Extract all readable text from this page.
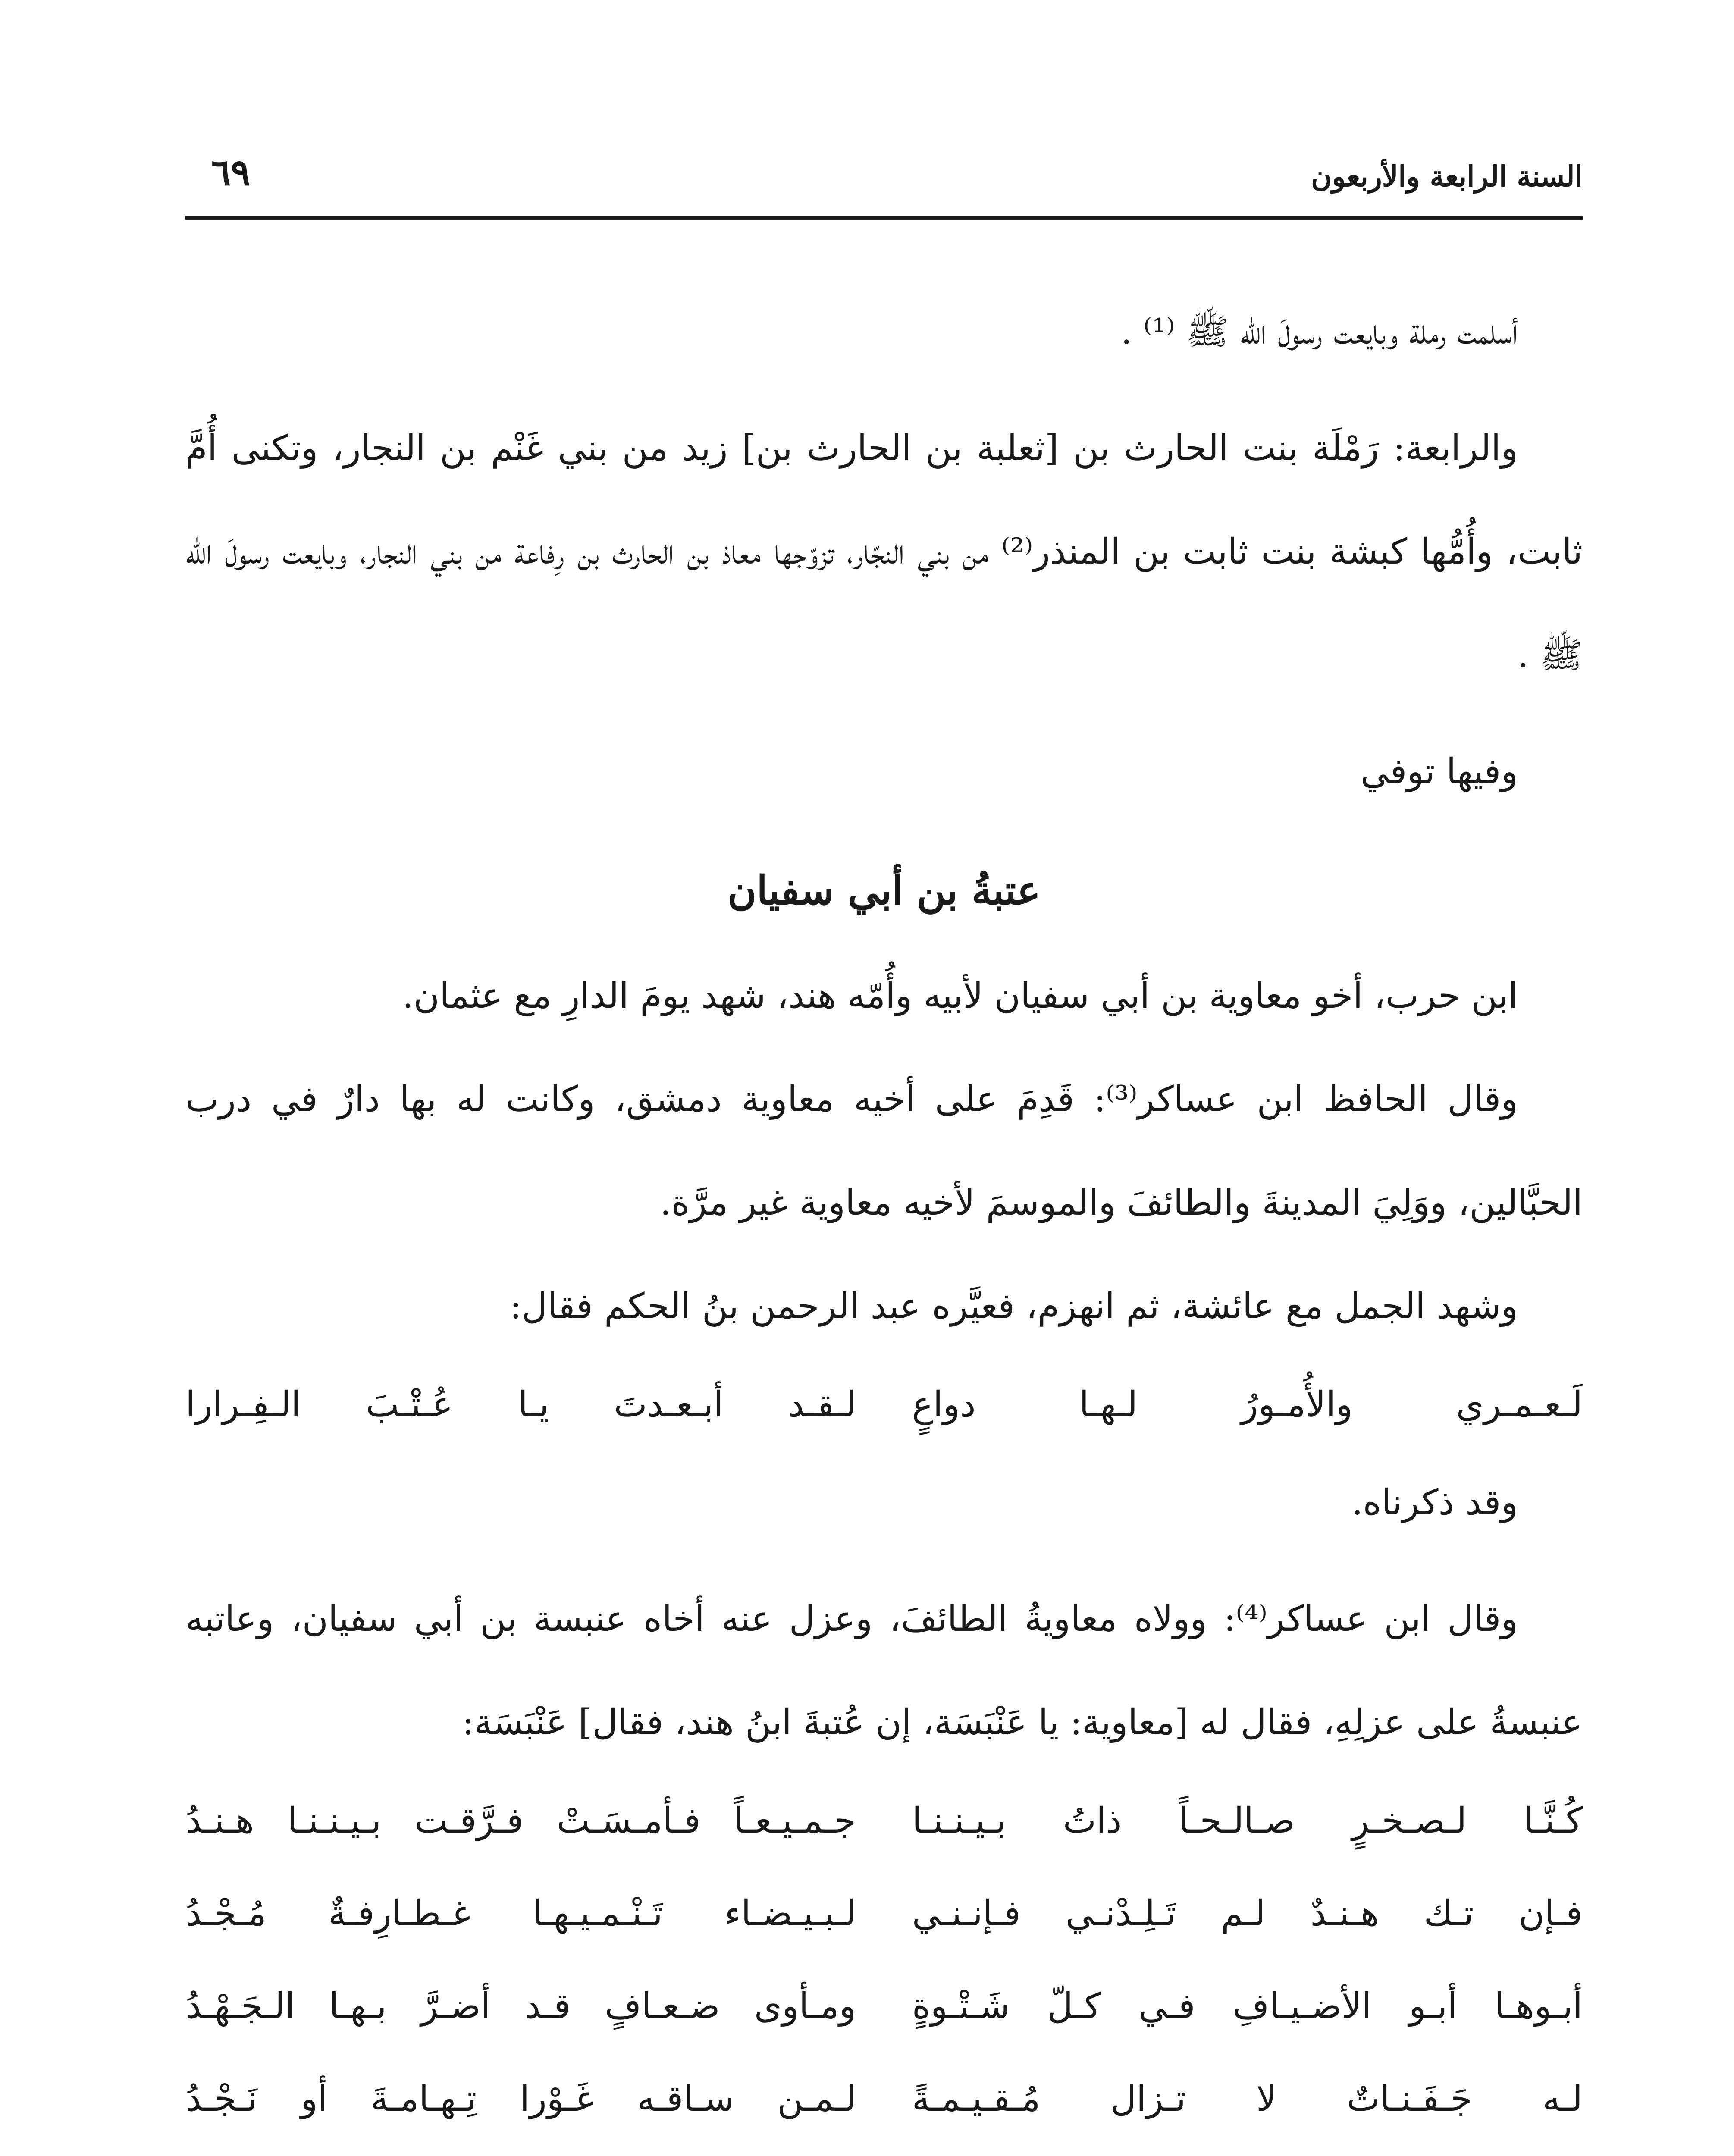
السنة الرابعة والأربعون
٦٩

أسلمت رملة وبايعت رسولَ الله ﷺ ⁽¹⁾ .

والرابعة: رَمْلَة بنت الحارث بن [ثعلبة بن الحارث بن] زيد من بني غَنْم بن النجار، وتكنى أُمَّ ثابت، وأُمُّها كبشة بنت ثابت بن المنذر⁽²⁾ من بني النجّار، تزوّجها معاذ بن الحارث بن رِفاعة من بني النجار، وبايعت رسولَ الله ﷺ .

وفيها توفي

عتبةُ بن أبي سفيان

ابن حرب، أخو معاوية بن أبي سفيان لأبيه وأُمّه هند، شهد يومَ الدارِ مع عثمان.

وقال الحافظ ابن عساكر⁽³⁾: قَدِمَ على أخيه معاوية دمشق، وكانت له بها دارٌ في درب الحبَّالين، ووَلِيَ المدينةَ والطائفَ والموسمَ لأخيه معاوية غير مرَّة.

وشهد الجمل مع عائشة، ثم انهزم، فعيَّره عبد الرحمن بنُ الحكم فقال:

لَـعـمـري والأُمـورُ لـهـا دواعٍ
لـقـد أبـعـدتَ يـا عُـتْـبَ الـفِـرارا

وقد ذكرناه.

وقال ابن عساكر⁽⁴⁾: وولاه معاويةُ الطائفَ، وعزل عنه أخاه عنبسة بن أبي سفيان، وعاتبه عنبسةُ على عزلِهِ، فقال له [معاوية: يا عَنْبَسَة، إن عُتبةَ ابنُ هند، فقال] عَنْبَسَة:

كُـنَّـا لـصـخـرٍ صـالـحـاً ذاتُ بـيـنـنـا
جـمـيـعـاً فـأمـسَـتْ فـرَّقـت بـيـنـنـا هـنـدُ
فـإن تـك هـنـدٌ لـم تَـلِـدْنـي فـإنـنـي
لـبـيـضـاء تَـنْـمـيـهـا غـطـارِفـةٌ مُـجْـدُ
أبـوهـا أبـو الأضـيـافِ فـي كـلّ شَـتْـوةٍ
ومـأوى ضـعـافٍ قـد أضـرَّ بـهـا الـجَـهْـدُ
لـه جَـفَـنـاتٌ لا تـزال مُـقـيـمـةً
لـمـن سـاقـه غَـوْرا تِـهـامـةَ أو نَـجْـدُ
